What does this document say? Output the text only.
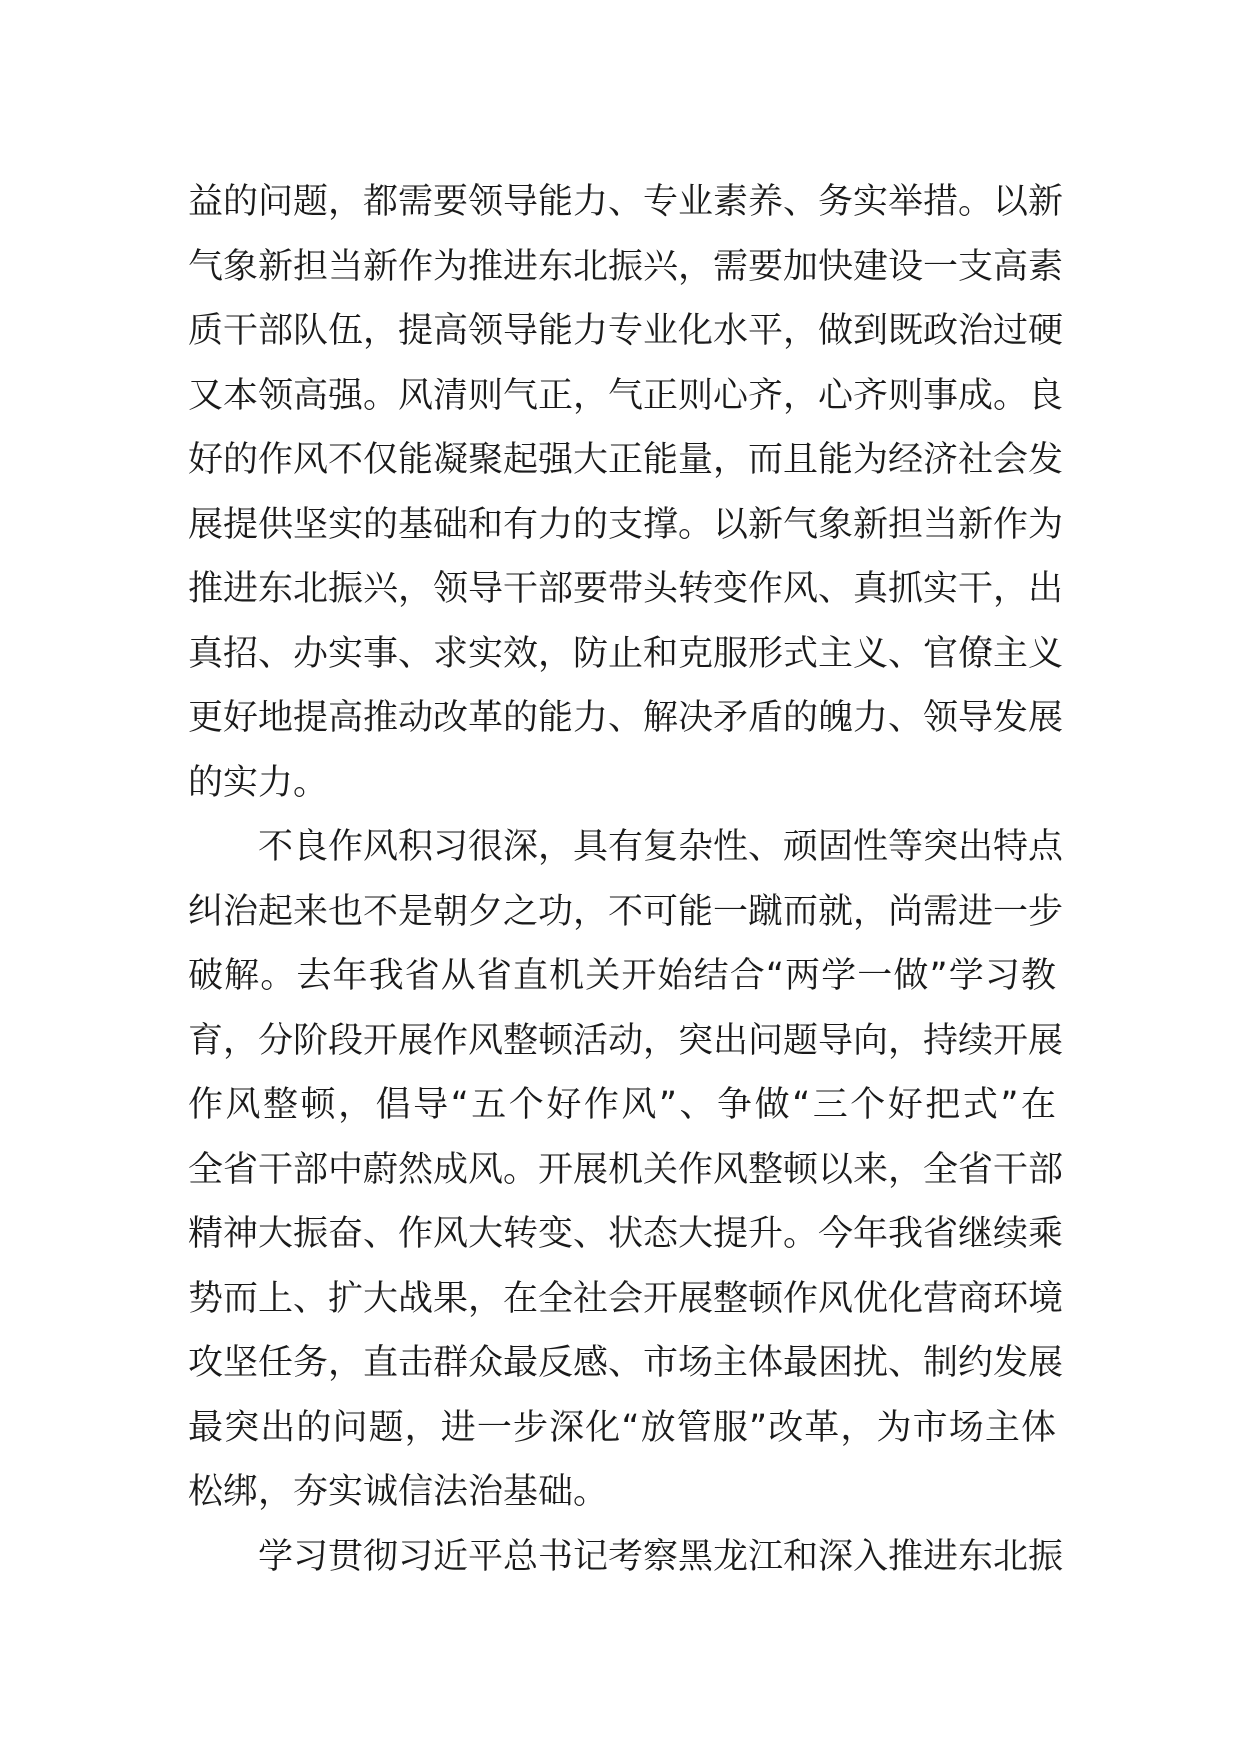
益的问题，都需要领导能力、专业素养、务实举措。以新
气象新担当新作为推进东北振兴，需要加快建设一支高素
质干部队伍，提高领导能力专业化水平，做到既政治过硬
又本领高强。风清则气正，气正则心齐，心齐则事成。良
好的作风不仅能凝聚起强大正能量，而且能为经济社会发
展提供坚实的基础和有力的支撑。以新气象新担当新作为
推进东北振兴，领导干部要带头转变作风、真抓实干，出
真招、办实事、求实效，防止和克服形式主义、官僚主义
更好地提高推动改革的能力、解决矛盾的魄力、领导发展
的实力。
不良作风积习很深，具有复杂性、顽固性等突出特点
纠治起来也不是朝夕之功，不可能一蹴而就，尚需进一步
破解。去年我省从省直机关开始结合“两学一做”学习教
育，分阶段开展作风整顿活动，突出问题导向，持续开展
作风整顿，倡导“五个好作风”、争做“三个好把式”在
全省干部中蔚然成风。开展机关作风整顿以来，全省干部
精神大振奋、作风大转变、状态大提升。今年我省继续乘
势而上、扩大战果，在全社会开展整顿作风优化营商环境
攻坚任务，直击群众最反感、市场主体最困扰、制约发展
最突出的问题，进一步深化“放管服”改革，为市场主体
松绑，夯实诚信法治基础。
学习贯彻习近平总书记考察黑龙江和深入推进东北振
